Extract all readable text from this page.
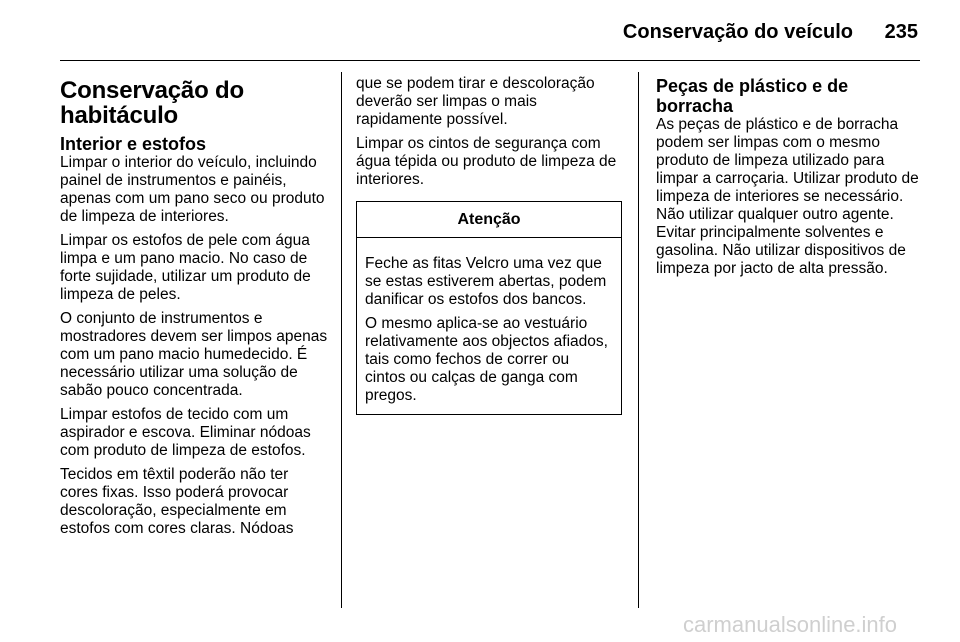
Conservação do veículo	235
Conservação do
habitáculo
Interior e estofos

Limpar o interior do veículo, incluindo painel de instrumentos e painéis, apenas com um pano seco ou produto de limpeza de interiores.

Limpar os estofos de pele com água limpa e um pano macio. No caso de forte sujidade, utilizar um produto de limpeza de peles.

O conjunto de instrumentos e mostradores devem ser limpos apenas com um pano macio humedecido. É necessário utilizar uma solução de sabão pouco concentrada.

Limpar estofos de tecido com um aspirador e escova. Eliminar nódoas com produto de limpeza de estofos.

Tecidos em têxtil poderão não ter cores fixas. Isso poderá provocar descoloração, especialmente em estofos com cores claras. Nódoas

que se podem tirar e descoloração deverão ser limpas o mais rapidamente possível.

Limpar os cintos de segurança com água tépida ou produto de limpeza de interiores.

Atenção

Feche as fitas Velcro uma vez que se estas estiverem abertas, podem danificar os estofos dos bancos.

O mesmo aplica-se ao vestuário relativamente aos objectos afiados, tais como fechos de correr ou cintos ou calças de ganga com pregos.

Peças de plástico e de borracha

As peças de plástico e de borracha podem ser limpas com o mesmo produto de limpeza utilizado para limpar a carroçaria. Utilizar produto de limpeza de interiores se necessário. Não utilizar qualquer outro agente. Evitar principalmente solventes e gasolina. Não utilizar dispositivos de limpeza por jacto de alta pressão.

carmanualsonline.info
